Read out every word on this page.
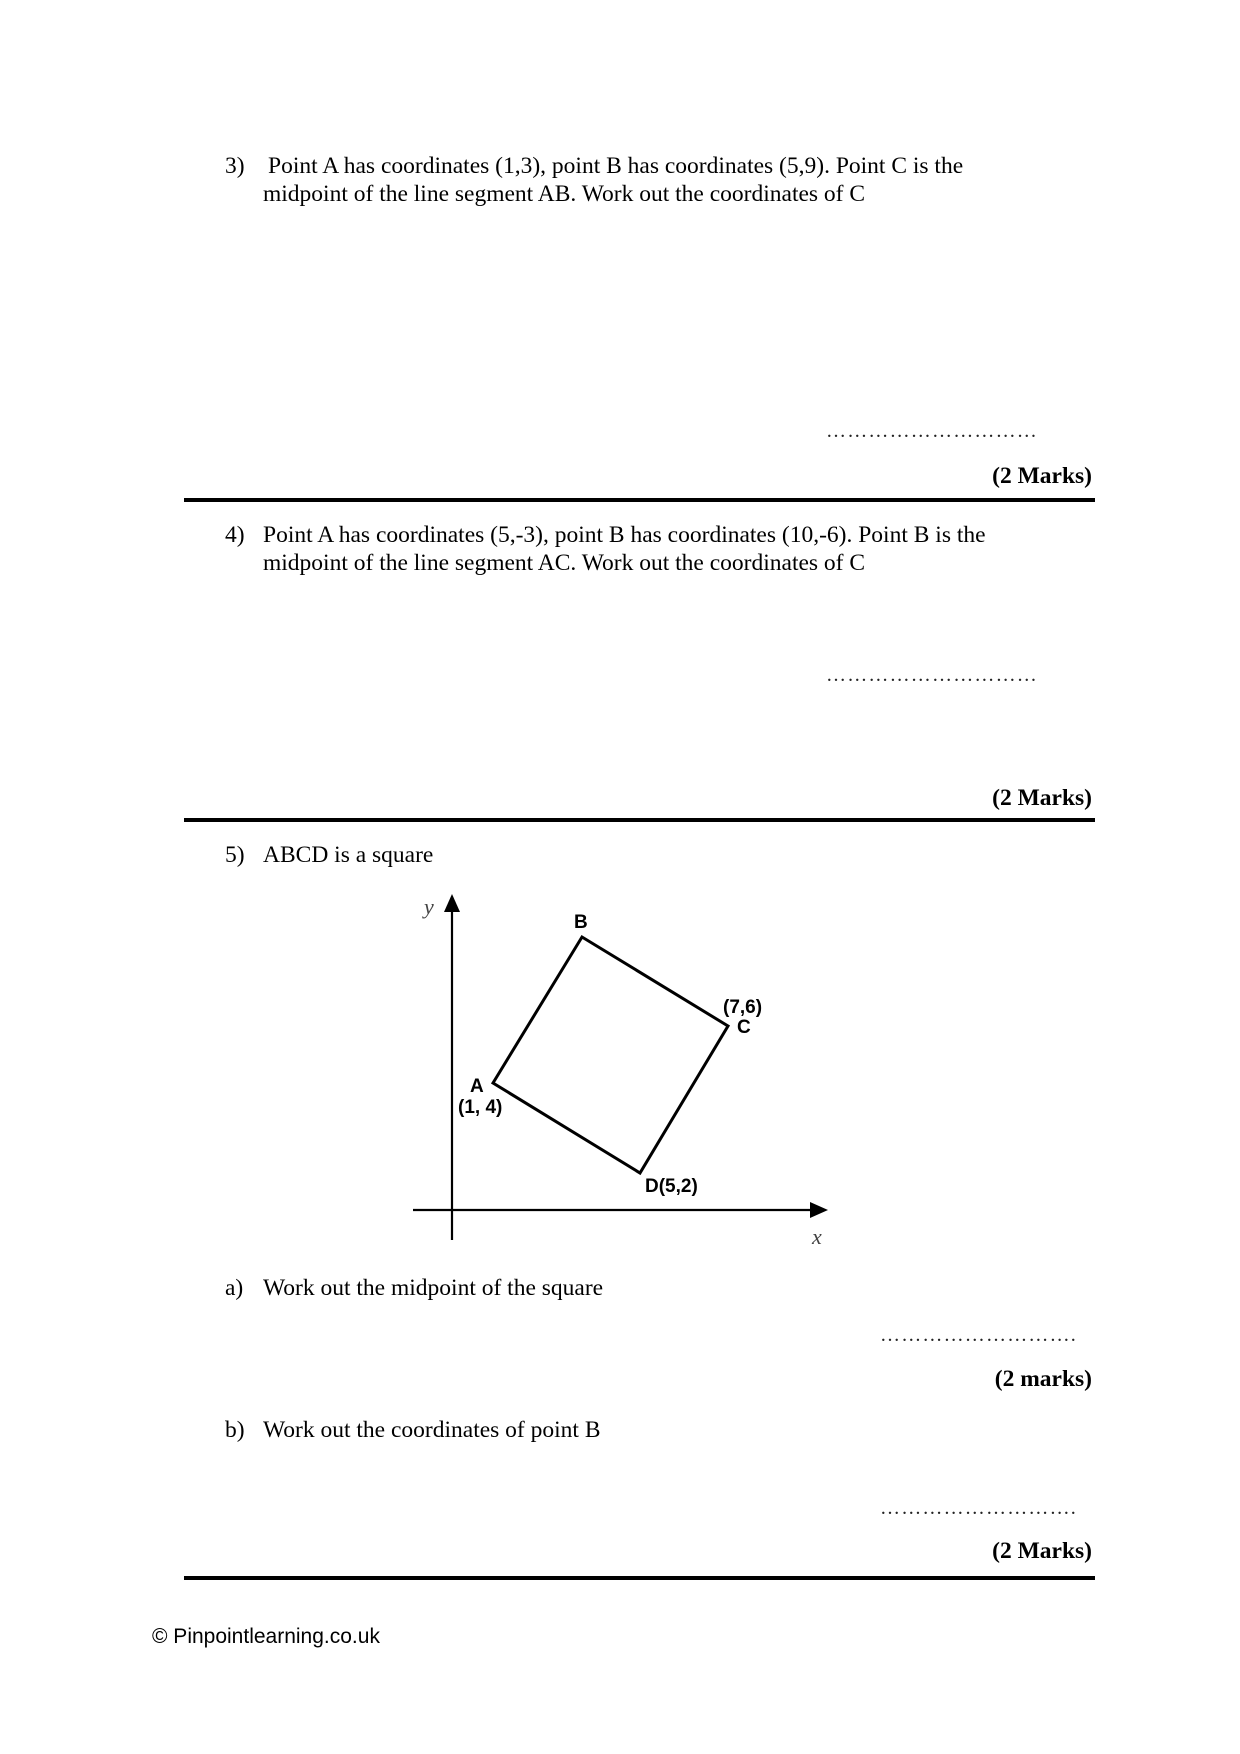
3) Point A has coordinates (1,3), point B has coordinates (5,9). Point C is the
midpoint of the line segment AB. Work out the coordinates of C
…………………………
(2 Marks)
4) Point A has coordinates (5,-3), point B has coordinates (10,-6). Point B is the
midpoint of the line segment AC. Work out the coordinates of C
…………………………
(2 Marks)
5) ABCD is a square
y
x
B
(7,6)
C
A
(1, 4)
D(5,2)
a) Work out the midpoint of the square
……………………….
(2 marks)
b) Work out the coordinates of point B
……………………….
(2 Marks)
© Pinpointlearning.co.uk
